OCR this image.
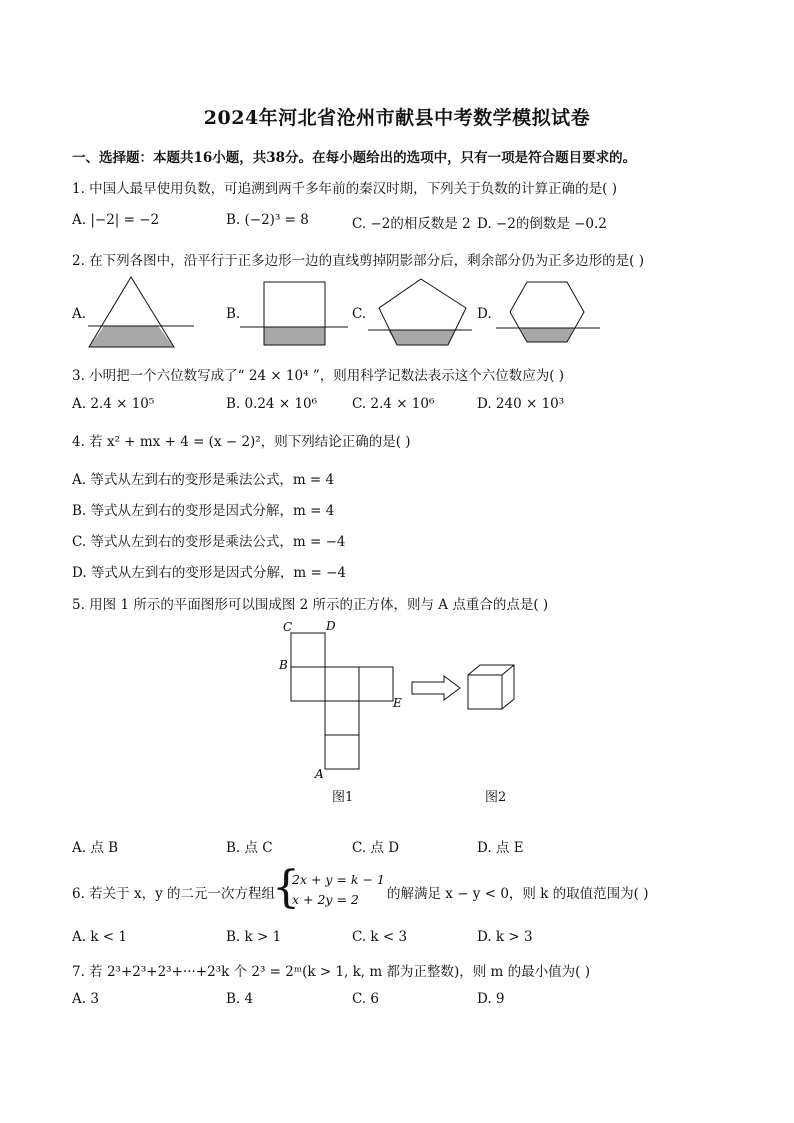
2024年河北省沧州市献县中考数学模拟试卷
一、选择题：本题共16小题，共38分。在每小题给出的选项中，只有一项是符合题目要求的。
1. 中国人最早使用负数，可追溯到两千多年前的秦汉时期，下列关于负数的计算正确的是( )
A. |−2| = −2	B. (−2)³ = 8	C. −2的相反数是 2 D. −2的倒数是 −0.2
2. 在下列各图中，沿平行于正多边形一边的直线剪掉阴影部分后，剩余部分仍为正多边形的是( )
A.	B.	C.	D.
3. 小明把一个六位数写成了“ 24 × 10⁴ ”，则用科学记数法表示这个六位数应为( )
A. 2.4 × 10⁵	B. 0.24 × 10⁶	C. 2.4 × 10⁶	D. 240 × 10³
4. 若 x² + mx + 4 = (x − 2)²，则下列结论正确的是( )
A. 等式从左到右的变形是乘法公式，m = 4
B. 等式从左到右的变形是因式分解，m = 4
C. 等式从左到右的变形是乘法公式，m = −4
D. 等式从左到右的变形是因式分解，m = −4
5. 用图 1 所示的平面图形可以围成图 2 所示的正方体，则与 A 点重合的点是( )
C	D
B
E
A
图1	图2
A. 点 B	B. 点 C	C. 点 D	D. 点 E
6. 若关于 x，y 的二元一次方程组
{
2x + y = k − 1
x + 2y = 2 的解满足 x − y < 0，则 k 的取值范围为( )
A. k < 1	B. k > 1	C. k < 3	D. k > 3
7. 若 2³+2³+2³+···+2³k 个 2³ = 2ᵐ(k > 1, k, m 都为正整数)，则 m 的最小值为( )
A. 3	B. 4	C. 6	D. 9
